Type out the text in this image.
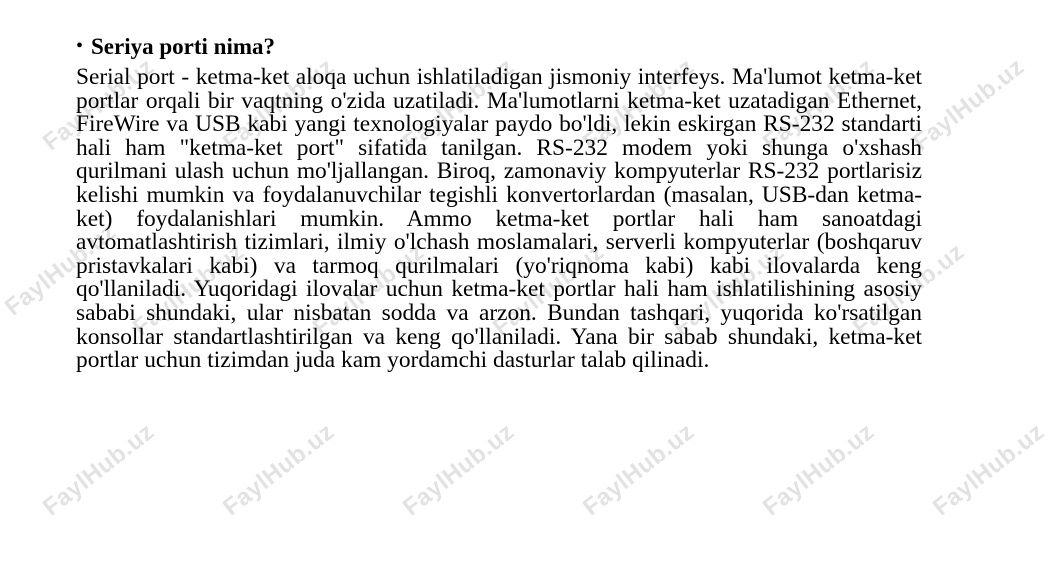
FaylHub.uz FaylHub.uz FaylHub.uz FaylHub.uz FaylHub.uz FaylHub.uz
FaylHub.uz FaylHub.uz FaylHub.uz FaylHub.uz FaylHub.uz FaylHub.uz
FaylHub.uz FaylHub.uz FaylHub.uz FaylHub.uz FaylHub.uz FaylHub.uz
• Seriya porti nima?

Serial port - ketma-ket aloqa uchun ishlatiladigan jismoniy interfeys. Ma'lumot ketma-ket portlar orqali bir vaqtning o'zida uzatiladi. Ma'lumotlarni ketma-ket uzatadigan Ethernet, FireWire va USB kabi yangi texnologiyalar paydo bo'ldi, lekin eskirgan RS-232 standarti hali ham "ketma-ket port" sifatida tanilgan. RS-232 modem yoki shunga o'xshash qurilmani ulash uchun mo'ljallangan. Biroq, zamonaviy kompyuterlar RS-232 portlarisiz kelishi mumkin va foydalanuvchilar tegishli konvertorlardan (masalan, USB-dan ketma-ket) foydalanishlari mumkin. Ammo ketma-ket portlar hali ham sanoatdagi avtomatlashtirish tizimlari, ilmiy o'lchash moslamalari, serverli kompyuterlar (boshqaruv pristavkalari kabi) va tarmoq qurilmalari (yo'riqnoma kabi) kabi ilovalarda keng qo'llaniladi. Yuqoridagi ilovalar uchun ketma-ket portlar hali ham ishlatilishining asosiy sababi shundaki, ular nisbatan sodda va arzon. Bundan tashqari, yuqorida ko'rsatilgan konsollar standartlashtirilgan va keng qo'llaniladi. Yana bir sabab shundaki, ketma-ket portlar uchun tizimdan juda kam yordamchi dasturlar talab qilinadi.
